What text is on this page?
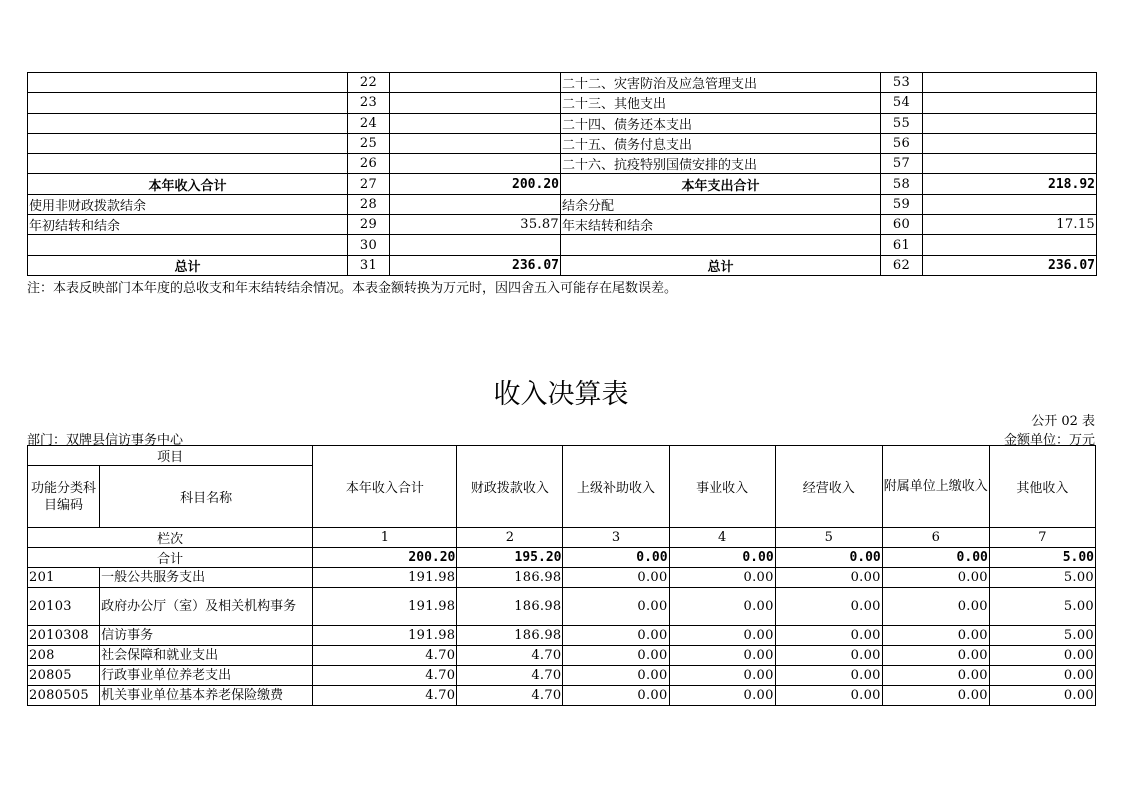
	22		二十二、灾害防治及应急管理支出	53	
	23		二十三、其他支出	54	
	24		二十四、债务还本支出	55	
	25		二十五、债务付息支出	56	
	26		二十六、抗疫特别国债安排的支出	57	
本年收入合计	27	200.20	本年支出合计	58	218.92
使用非财政拨款结余	28		结余分配	59	
年初结转和结余	29	35.87	年末结转和结余	60	17.15
	30			61	
总计	31	236.07	总计	62	236.07
注：本表反映部门本年度的总收支和年末结转结余情况。本表金额转换为万元时，因四舍五入可能存在尾数误差。
收入决算表
公开 02 表
部门：双牌县信访事务中心	金额单位：万元
项目		本年收入合计	财政拨款收入	上级补助收入	事业收入	经营收入	附属单位上缴收入	其他收入
功能分类科目编码	科目名称							
栏次		1	2	3	4	5	6	7
合计		200.20	195.20	0.00	0.00	0.00	0.00	5.00
201	一般公共服务支出	191.98	186.98	0.00	0.00	0.00	0.00	5.00
20103	政府办公厅（室）及相关机构事务	191.98	186.98	0.00	0.00	0.00	0.00	5.00
2010308	信访事务	191.98	186.98	0.00	0.00	0.00	0.00	5.00
208	社会保障和就业支出	4.70	4.70	0.00	0.00	0.00	0.00	0.00
20805	行政事业单位养老支出	4.70	4.70	0.00	0.00	0.00	0.00	0.00
2080505	机关事业单位基本养老保险缴费	4.70	4.70	0.00	0.00	0.00	0.00	0.00
